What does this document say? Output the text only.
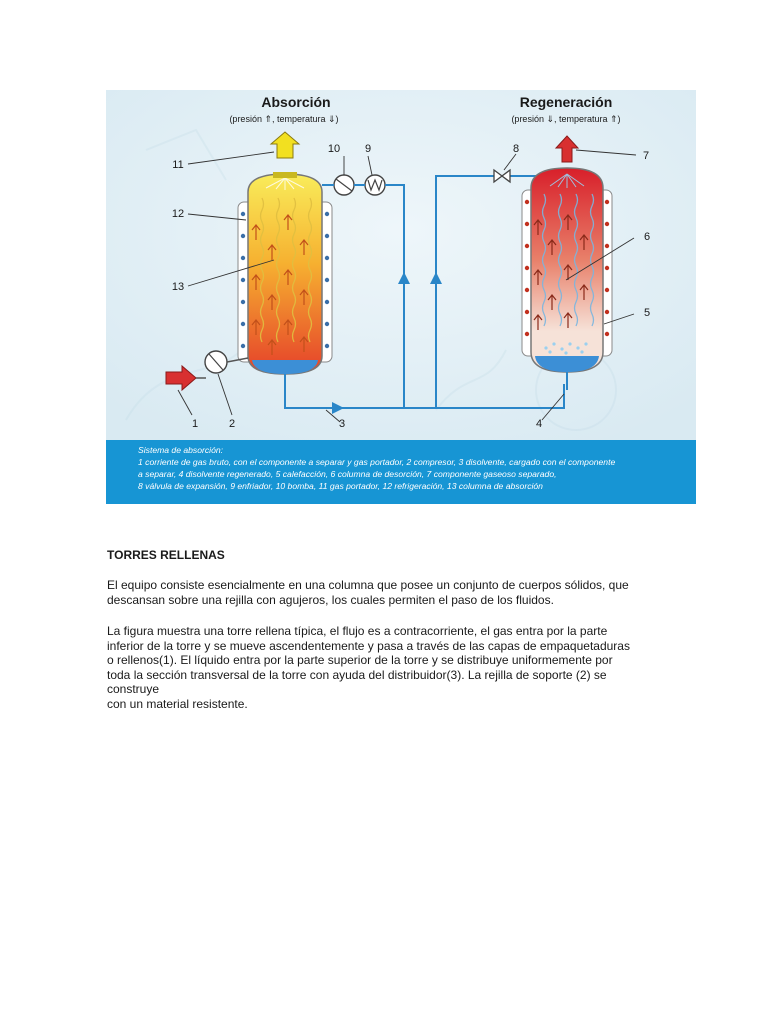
Absorción
(presión ⇑, temperatura ⇓)
Regeneración
(presión ⇓, temperatura ⇑)
11
12
13
10 9	8
7
6
5
1	2	3	4
Sistema de absorción:
1 corriente de gas bruto, con el componente a separar y gas portador, 2 compresor, 3 disolvente, cargado con el componente
a separar, 4 disolvente regenerado, 5 calefacción, 6 columna de desorción, 7 componente gaseoso separado,
8 válvula de expansión, 9 enfriador, 10 bomba, 11 gas portador, 12 refrigeración, 13 columna de absorción
TORRES RELLENAS

El equipo consiste esencialmente en una columna que posee un conjunto de cuerpos sólidos, que
descansan sobre una rejilla con agujeros, los cuales permiten el paso de los fluidos.

La figura muestra una torre rellena típica, el flujo es a contracorriente, el gas entra por la parte
inferior de la torre y se mueve ascendentemente y pasa a través de las capas de empaquetaduras
o rellenos(1). El líquido entra por la parte superior de la torre y se distribuye uniformemente por
toda la sección transversal de la torre con ayuda del distribuidor(3). La rejilla de soporte (2) se
construye
con un material resistente.
